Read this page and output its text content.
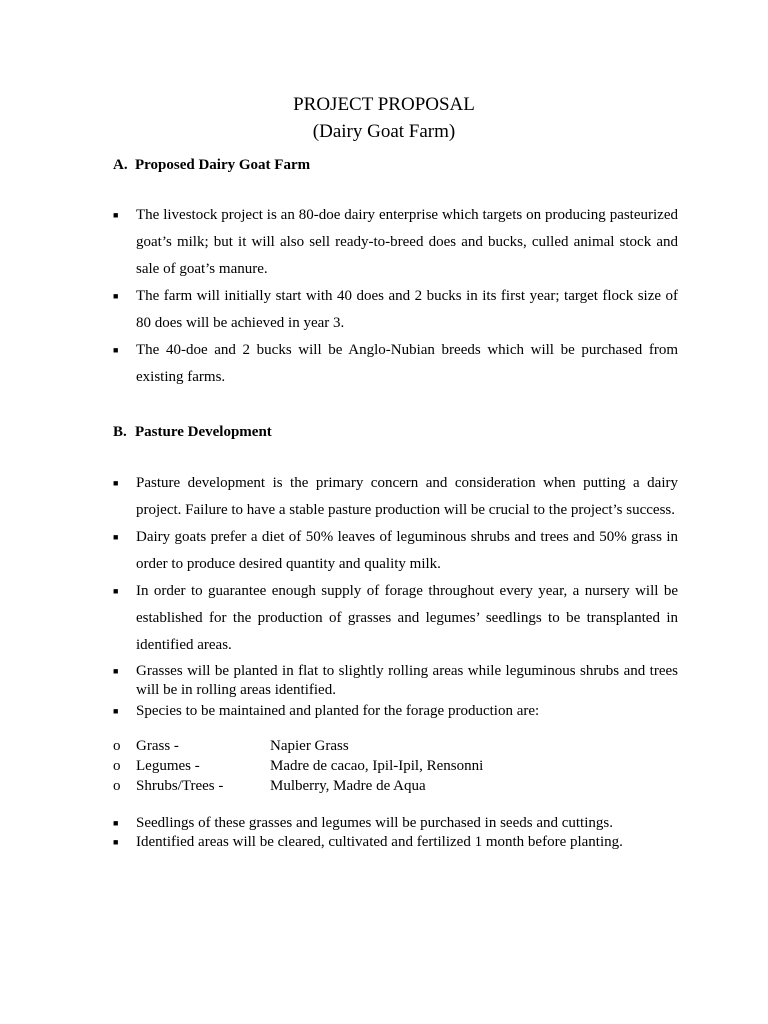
PROJECT PROPOSAL
(Dairy Goat Farm)
A. Proposed Dairy Goat Farm
■ The livestock project is an 80-doe dairy enterprise which targets on producing pasteurized goat’s milk; but it will also sell ready-to-breed does and bucks, culled animal stock and sale of goat’s manure.
■ The farm will initially start with 40 does and 2 bucks in its first year; target flock size of 80 does will be achieved in year 3.
■ The 40-doe and 2 bucks will be Anglo-Nubian breeds which will be purchased from existing farms.
B. Pasture Development
■ Pasture development is the primary concern and consideration when putting a dairy project. Failure to have a stable pasture production will be crucial to the project’s success.
■ Dairy goats prefer a diet of 50% leaves of leguminous shrubs and trees and 50% grass in order to produce desired quantity and quality milk.
■ In order to guarantee enough supply of forage throughout every year, a nursery will be established for the production of grasses and legumes’ seedlings to be transplanted in identified areas.
■ Grasses will be planted in flat to slightly rolling areas while leguminous shrubs and trees will be in rolling areas identified.
■ Species to be maintained and planted for the forage production are:
o Grass -	Napier Grass
o Legumes -	Madre de cacao, Ipil-Ipil, Rensonni
o Shrubs/Trees -	Mulberry, Madre de Aqua
■ Seedlings of these grasses and legumes will be purchased in seeds and cuttings.
■ Identified areas will be cleared, cultivated and fertilized 1 month before planting.
